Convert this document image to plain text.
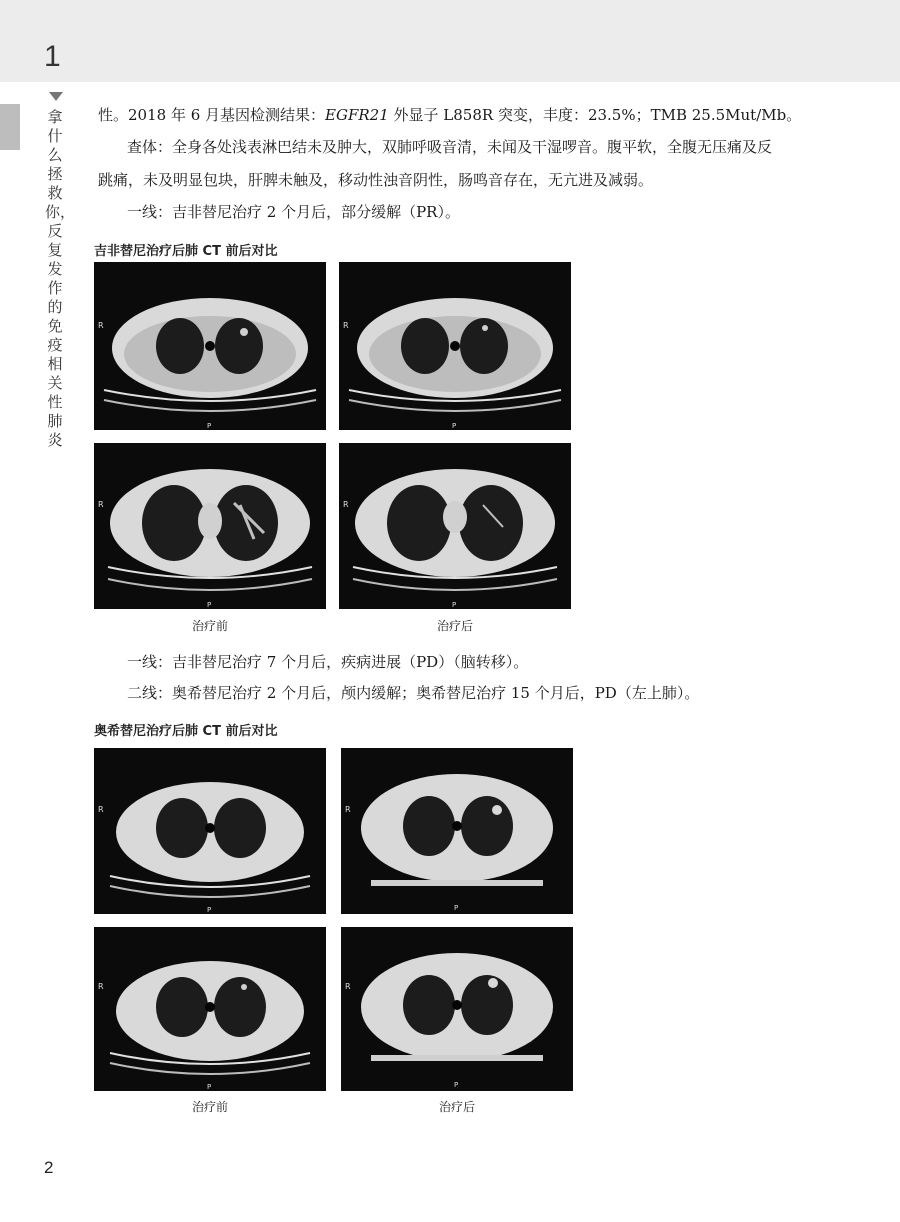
1
拿什么拯救你，反复发作的免疫相关性肺炎

性。2018 年 6 月基因检测结果：EGFR21 外显子 L858R 突变，丰度：23.5%；TMB 25.5Mut/Mb。

查体：全身各处浅表淋巴结未及肿大，双肺呼吸音清，未闻及干湿啰音。腹平软，全腹无压痛及反

跳痛，未及明显包块，肝脾未触及，移动性浊音阴性，肠鸣音存在，无亢进及减弱。

一线：吉非替尼治疗 2 个月后，部分缓解（PR）。

吉非替尼治疗后肺 CT 前后对比

R
P
R
P
R
P
R
P
治疗前	治疗后

一线：吉非替尼治疗 7 个月后，疾病进展（PD）（脑转移）。

二线：奥希替尼治疗 2 个月后，颅内缓解；奥希替尼治疗 15 个月后，PD（左上肺）。

奥希替尼治疗后肺 CT 前后对比

R
P
R
P
R
P
R
P
治疗前	治疗后
2
